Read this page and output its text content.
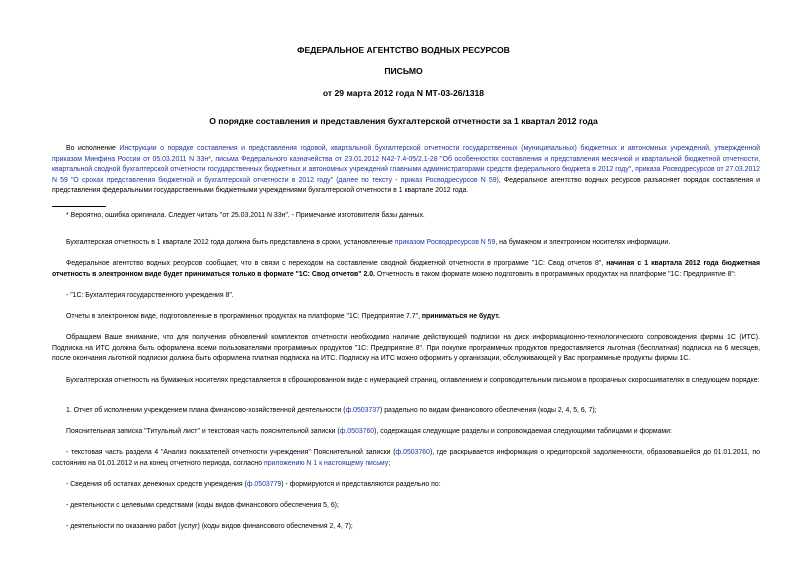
ФЕДЕРАЛЬНОЕ АГЕНТСТВО ВОДНЫХ РЕСУРСОВ
ПИСЬМО
от 29 марта 2012 года N МТ-03-26/1318
О порядке составления и представления бухгалтерской отчетности за 1 квартал 2012 года
Во исполнение Инструкции о порядке составления и представления годовой, квартальной бухгалтерской отчетности государственных (муниципальных) бюджетных и автономных учреждений, утвержденной приказом Минфина России от 05.03.2011 N 33н*, письма Федерального казначейства от 23.01.2012 N42-7.4-05/2.1-28 "Об особенностях составления и представления месячной и квартальной бюджетной отчетности, квартальной сводной бухгалтерской отчетности государственных бюджетных и автономных учреждений главными администраторами средств федерального бюджета в 2012 году", приказа Росводресурсов от 27.03.2012 N 59 "О сроках представления бюджетной и бухгалтерской отчетности в 2012 году" (далее по тексту - приказ Росводресурсов N 59), Федеральное агентство водных ресурсов разъясняет порядок составления и представления федеральными государственными бюджетными учреждениями бухгалтерской отчетности в 1 квартале 2012 года.
* Вероятно, ошибка оригинала. Следует читать "от 25.03.2011 N 33н". - Примечание изготовителя базы данных.
Бухгалтерская отчетность в 1 квартале 2012 года должна быть представлена в сроки, установленные приказом Росводресурсов N 59, на бумажном и электронном носителях информации.
Федеральное агентство водных ресурсов сообщает, что в связи с переходом на составление сводной бюджетной отчетности в программе "1С: Свод отчетов 8", начиная с 1 квартала 2012 года бюджетная отчетность в электронном виде будет приниматься только в формате "1С: Свод отчетов" 2.0. Отчетность в таком формате можно подготовить в программных продуктах на платформе "1С: Предприятие 8":
- "1С: Бухгалтерия государственного учреждения 8".
Отчеты в электронном виде, подготовленные в программных продуктах на платформе "1С: Предприятие 7.7", приниматься не будут.
Обращаем Ваше внимание, что для получения обновлений комплектов отчетности необходимо наличие действующей подписки на диск информационно-технологического сопровождения фирмы 1С (ИТС). Подписка на ИТС должна быть оформлена всеми пользователями программных продуктов "1С: Предприятие 8". При покупке программных продуктов предоставляется льготная (бесплатная) подписка на 6 месяцев, после окончания льготной подписки должна быть оформлена платная подписка на ИТС. Подписку на ИТС можно оформить у организации, обслуживающей у Вас программные продукты фирмы 1С.
Бухгалтерская отчетность на бумажных носителях представляется в сброшюрованном виде с нумерацией страниц, оглавлением и сопроводительным письмом в прозрачных скоросшивателях в следующем порядке:
1. Отчет об исполнении учреждением плана финансово-хозяйственной деятельности (ф.0503737) раздельно по видам финансового обеспечения (коды 2, 4, 5, 6, 7);
Пояснительная записка "Титульный лист" и текстовая часть пояснительной записки (ф.0503760), содержащая следующие разделы и сопровождаемая следующими таблицами и формами:
- текстовая часть раздела 4 "Анализ показателей отчетности учреждения" Пояснительной записки (ф.0503760), где раскрывается информация о кредиторской задолженности, образовавшейся до 01.01.2011, по состоянию на 01.01.2012 и на конец отчетного периода, согласно приложению N 1 к настоящему письму;
- Сведения об остатках денежных средств учреждения (ф.0503779) - формируются и представляются раздельно по:
- деятельности с целевыми средствами (коды видов финансового обеспечения 5, 6);
- деятельности по оказанию работ (услуг) (коды видов финансового обеспечения 2, 4, 7);
